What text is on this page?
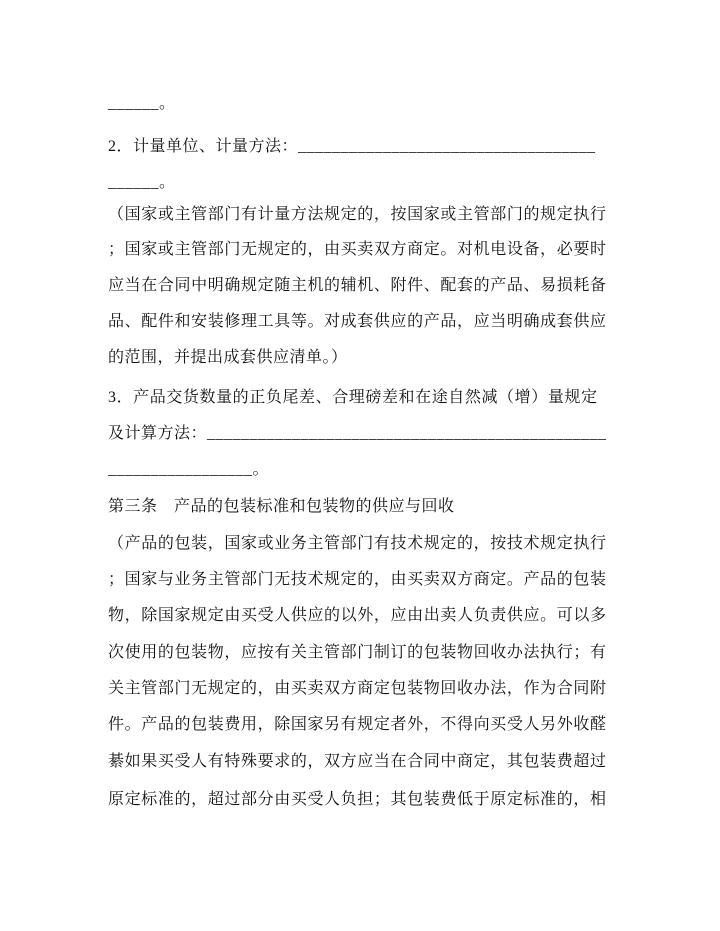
______。
2．计量单位、计量方法：___________________________________
______。
（国家或主管部门有计量方法规定的，按国家或主管部门的规定执行
；国家或主管部门无规定的，由买卖双方商定。对机电设备，必要时
应当在合同中明确规定随主机的辅机、附件、配套的产品、易损耗备
品、配件和安装修理工具等。对成套供应的产品，应当明确成套供应
的范围，并提出成套供应清单。）
3．产品交货数量的正负尾差、合理磅差和在途自然减（增）量规定
及计算方法：_______________________________________________
_________________。
第三条　产品的包装标准和包装物的供应与回收
（产品的包装，国家或业务主管部门有技术规定的，按技术规定执行
；国家与业务主管部门无技术规定的，由买卖双方商定。产品的包装
物，除国家规定由买受人供应的以外，应由出卖人负责供应。可以多
次使用的包装物，应按有关主管部门制订的包装物回收办法执行；有
关主管部门无规定的，由买卖双方商定包装物回收办法，作为合同附
件。产品的包装费用，除国家另有规定者外，不得向买受人另外收醛
綦如果买受人有特殊要求的，双方应当在合同中商定，其包装费超过
原定标准的，超过部分由买受人负担；其包装费低于原定标准的，相
